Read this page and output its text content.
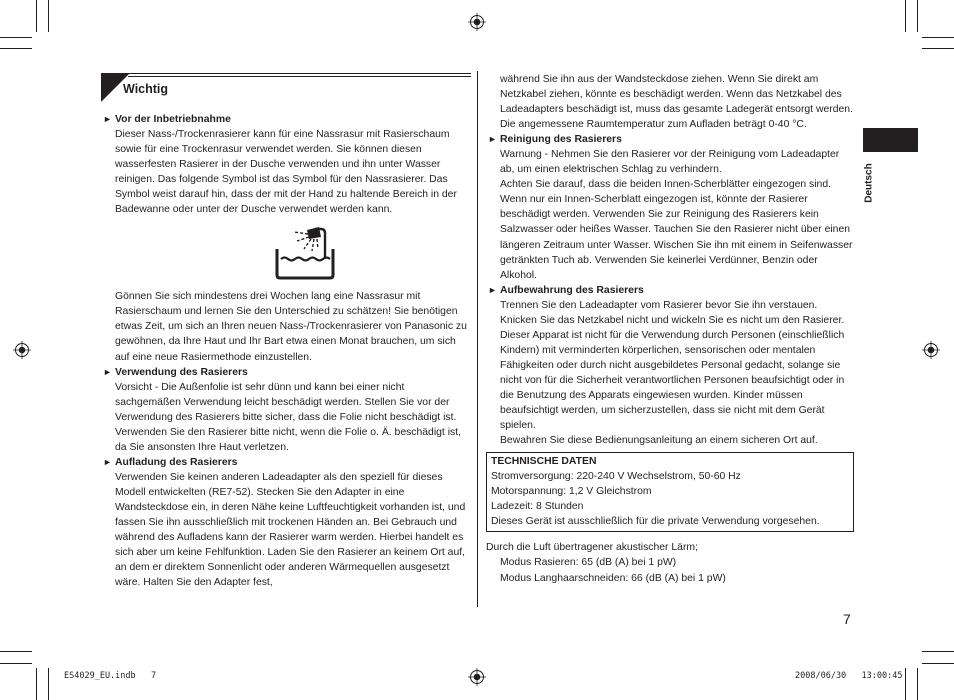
Wichtig
► Vor der Inbetriebnahme

Dieser Nass-/Trockenrasierer kann für eine Nassrasur mit Rasierschaum sowie für eine Trockenrasur verwendet werden. Sie können diesen wasserfesten Rasierer in der Dusche verwenden und ihn unter Wasser reinigen. Das folgende Symbol ist das Symbol für den Nassrasierer. Das Symbol weist darauf hin, dass der mit der Hand zu haltende Bereich in der Badewanne oder unter der Dusche verwendet werden kann.

Gönnen Sie sich mindestens drei Wochen lang eine Nassrasur mit Rasierschaum und lernen Sie den Unterschied zu schätzen! Sie benötigen etwas Zeit, um sich an Ihren neuen Nass-/Trockenrasierer von Panasonic zu gewöhnen, da Ihre Haut und Ihr Bart etwa einen Monat brauchen, um sich auf eine neue Rasiermethode einzustellen.

► Verwendung des Rasierers

Vorsicht - Die Außenfolie ist sehr dünn und kann bei einer nicht sachgemäßen Verwendung leicht beschädigt werden. Stellen Sie vor der Verwendung des Rasierers bitte sicher, dass die Folie nicht beschädigt ist. Verwenden Sie den Rasierer bitte nicht, wenn die Folie o. Ä. beschädigt ist, da Sie ansonsten Ihre Haut verletzen.

► Aufladung des Rasierers

Verwenden Sie keinen anderen Ladeadapter als den speziell für dieses Modell entwickelten (RE7-52). Stecken Sie den Adapter in eine Wandsteckdose ein, in deren Nähe keine Luftfeuchtigkeit vorhanden ist, und fassen Sie ihn ausschließlich mit trockenen Händen an. Bei Gebrauch und während des Aufladens kann der Rasierer warm werden. Hierbei handelt es sich aber um keine Fehlfunktion. Laden Sie den Rasierer an keinem Ort auf, an dem er direktem Sonnenlicht oder anderen Wärmequellen ausgesetzt wäre. Halten Sie den Adapter fest,

während Sie ihn aus der Wandsteckdose ziehen. Wenn Sie direkt am Netzkabel ziehen, könnte es beschädigt werden. Wenn das Netzkabel des Ladeadapters beschädigt ist, muss das gesamte Ladegerät entsorgt werden.

Die angemessene Raumtemperatur zum Aufladen beträgt 0-40 °C.

► Reinigung des Rasierers

Warnung - Nehmen Sie den Rasierer vor der Reinigung vom Ladeadapter ab, um einen elektrischen Schlag zu verhindern.

Achten Sie darauf, dass die beiden Innen-Scherblätter eingezogen sind. Wenn nur ein Innen-Scherblatt eingezogen ist, könnte der Rasierer beschädigt werden. Verwenden Sie zur Reinigung des Rasierers kein Salzwasser oder heißes Wasser. Tauchen Sie den Rasierer nicht über einen längeren Zeitraum unter Wasser. Wischen Sie ihn mit einem in Seifenwasser getränkten Tuch ab. Verwenden Sie keinerlei Verdünner, Benzin oder Alkohol.

► Aufbewahrung des Rasierers

Trennen Sie den Ladeadapter vom Rasierer bevor Sie ihn verstauen. Knicken Sie das Netzkabel nicht und wickeln Sie es nicht um den Rasierer. Dieser Apparat ist nicht für die Verwendung durch Personen (einschließlich Kindern) mit verminderten körperlichen, sensorischen oder mentalen Fähigkeiten oder durch nicht ausgebildetes Personal gedacht, solange sie nicht von für die Sicherheit verantwortlichen Personen beaufsichtigt oder in die Benutzung des Apparats eingewiesen wurden. Kinder müssen beaufsichtigt werden, um sicherzustellen, dass sie nicht mit dem Gerät spielen.

Bewahren Sie diese Bedienungsanleitung an einem sicheren Ort auf.

TECHNISCHE DATEN
Stromversorgung: 220-240 V Wechselstrom, 50-60 Hz
Motorspannung: 1,2 V Gleichstrom
Ladezeit: 8 Stunden
Dieses Gerät ist ausschließlich für die private Verwendung vorgesehen.
Durch die Luft übertragener akustischer Lärm;
Modus Rasieren: 65 (dB (A) bei 1 pW)
Modus Langhaarschneiden: 66 (dB (A) bei 1 pW)
Deutsch
7
ES4029_EU.indb   7	2008/06/30   13:00:45
